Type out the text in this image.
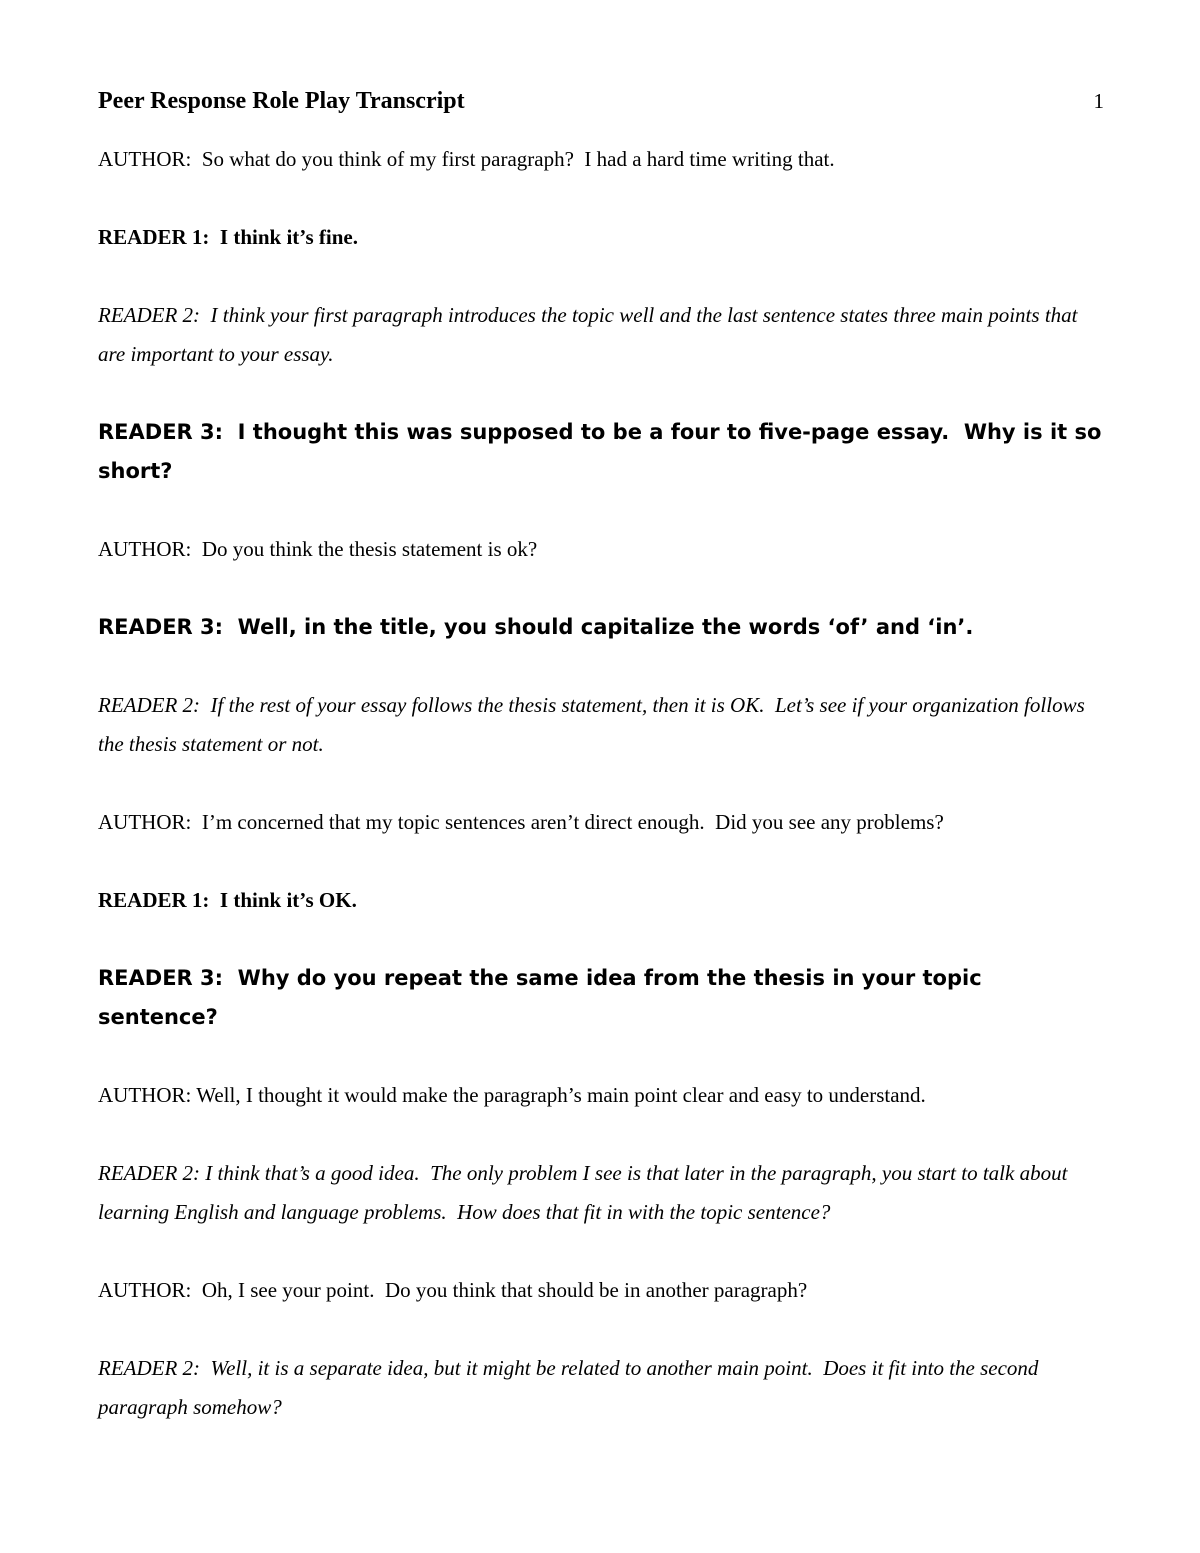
Peer Response Role Play Transcript	1

AUTHOR:  So what do you think of my first paragraph?  I had a hard time writing that.

READER 1:  I think it’s fine.

READER 2:  I think your first paragraph introduces the topic well and the last sentence states three main points that are important to your essay.

READER 3:  I thought this was supposed to be a four to five-page essay.  Why is it so short?

AUTHOR:  Do you think the thesis statement is ok?

READER 3:  Well, in the title, you should capitalize the words ‘of’ and ‘in’.

READER 2:  If the rest of your essay follows the thesis statement, then it is OK.  Let’s see if your organization follows the thesis statement or not.

AUTHOR:  I’m concerned that my topic sentences aren’t direct enough.  Did you see any problems?

READER 1:  I think it’s OK.

READER 3:  Why do you repeat the same idea from the thesis in your topic sentence?

AUTHOR: Well, I thought it would make the paragraph’s main point clear and easy to understand.

READER 2: I think that’s a good idea.  The only problem I see is that later in the paragraph, you start to talk about learning English and language problems.  How does that fit in with the topic sentence?

AUTHOR:  Oh, I see your point.  Do you think that should be in another paragraph?

READER 2:  Well, it is a separate idea, but it might be related to another main point.  Does it fit into the second paragraph somehow?
